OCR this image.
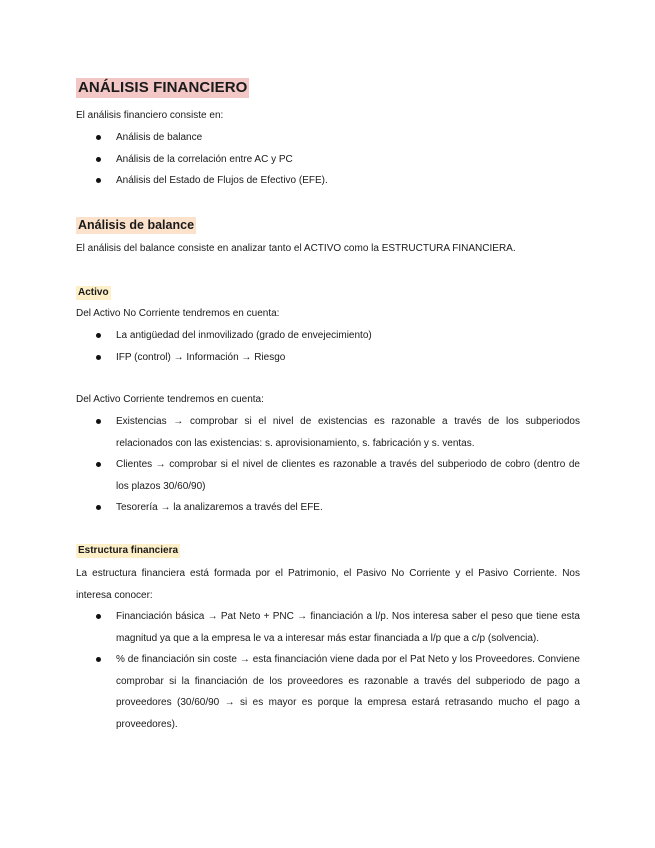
ANÁLISIS FINANCIERO
El análisis financiero consiste en:
Análisis de balance
Análisis de la correlación entre AC y PC
Análisis del Estado de Flujos de Efectivo (EFE).
Análisis de balance
El análisis del balance consiste en analizar tanto el ACTIVO como la ESTRUCTURA FINANCIERA.
Activo
Del Activo No Corriente tendremos en cuenta:
La antigüedad del inmovilizado (grado de envejecimiento)
IFP (control) → Información → Riesgo
Del Activo Corriente tendremos en cuenta:
Existencias → comprobar si el nivel de existencias es razonable a través de los subperiodos relacionados con las existencias: s. aprovisionamiento, s. fabricación y s. ventas.
Clientes → comprobar si el nivel de clientes es razonable a través del subperiodo de cobro (dentro de los plazos 30/60/90)
Tesorería → la analizaremos a través del EFE.
Estructura financiera
La estructura financiera está formada por el Patrimonio, el Pasivo No Corriente y el Pasivo Corriente. Nos interesa conocer:
Financiación básica → Pat Neto + PNC → financiación a l/p. Nos interesa saber el peso que tiene esta magnitud ya que a la empresa le va a interesar más estar financiada a l/p que a c/p (solvencia).
% de financiación sin coste → esta financiación viene dada por el Pat Neto y los Proveedores. Conviene comprobar si la financiación de los proveedores es razonable a través del subperiodo de pago a proveedores (30/60/90 → si es mayor es porque la empresa estará retrasando mucho el pago a proveedores).
